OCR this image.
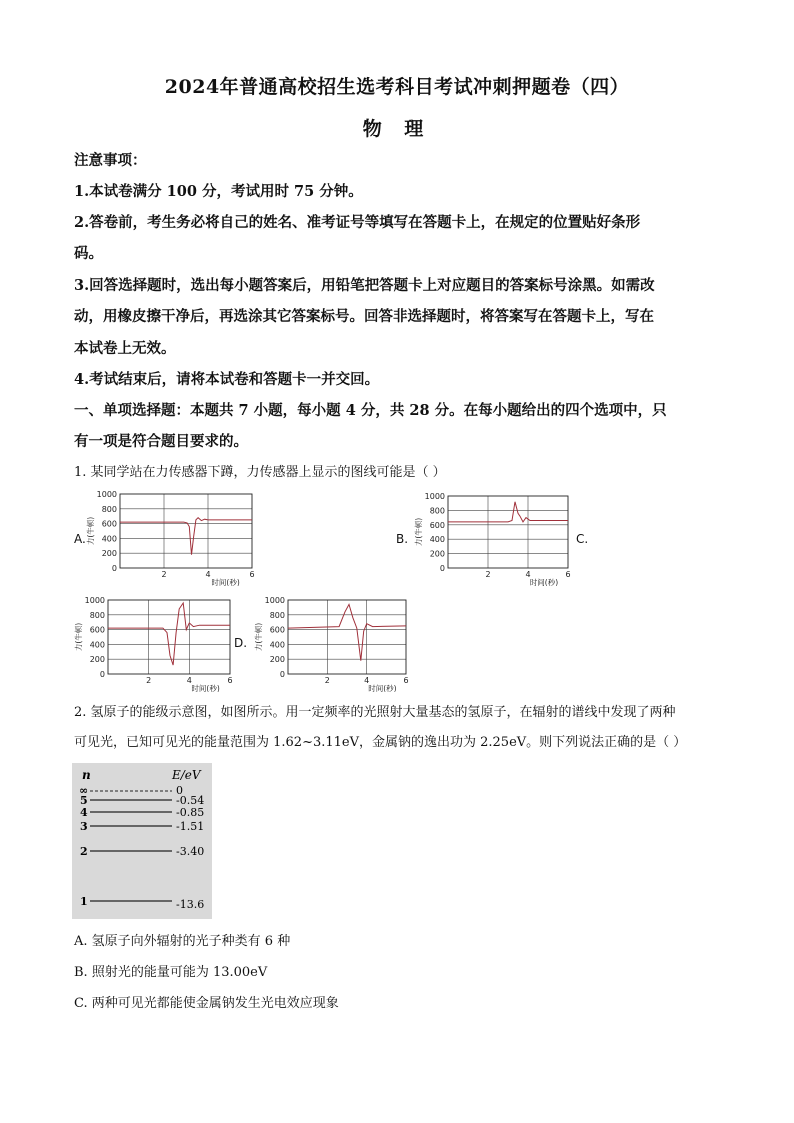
2024年普通高校招生选考科目考试冲刺押题卷（四）
物 理
注意事项：
1.本试卷满分 100 分，考试用时 75 分钟。
2.答卷前，考生务必将自己的姓名、准考证号等填写在答题卡上，在规定的位置贴好条形
码。
3.回答选择题时，选出每小题答案后，用铅笔把答题卡上对应题目的答案标号涂黑。如需改
动，用橡皮擦干净后，再选涂其它答案标号。回答非选择题时，将答案写在答题卡上，写在
本试卷上无效。
4.考试结束后，请将本试卷和答题卡一并交回。
一、单项选择题：本题共 7 小题，每小题 4 分，共 28 分。在每小题给出的四个选项中，只
有一项是符合题目要求的。
1. 某同学站在力传感器下蹲，力传感器上显示的图线可能是（ ）
A.	B.	C.
D.
1000
800
600
400
200
0
2	4	6
时间(秒)
力(牛顿)
1000
800
600
400
200
0
2	4	6
时间(秒)
力(牛顿)
1000
800
600
400
200
0
2	4	6
时间(秒)
力(牛顿)
1000
800
600
400
200
0
2	4	6
时间(秒)
力(牛顿)
2. 氢原子的能级示意图，如图所示。用一定频率的光照射大量基态的氢原子，在辐射的谱线中发现了两种
可见光，已知可见光的能量范围为 1.62~3.11eV，金属钠的逸出功为 2.25eV。则下列说法正确的是（ ）
n	E/eV
∞	0
5	-0.54
4	-0.85
3	-1.51
2	-3.40
1	-13.6
A. 氢原子向外辐射的光子种类有 6 种
B. 照射光的能量可能为 13.00eV
C. 两种可见光都能使金属钠发生光电效应现象
